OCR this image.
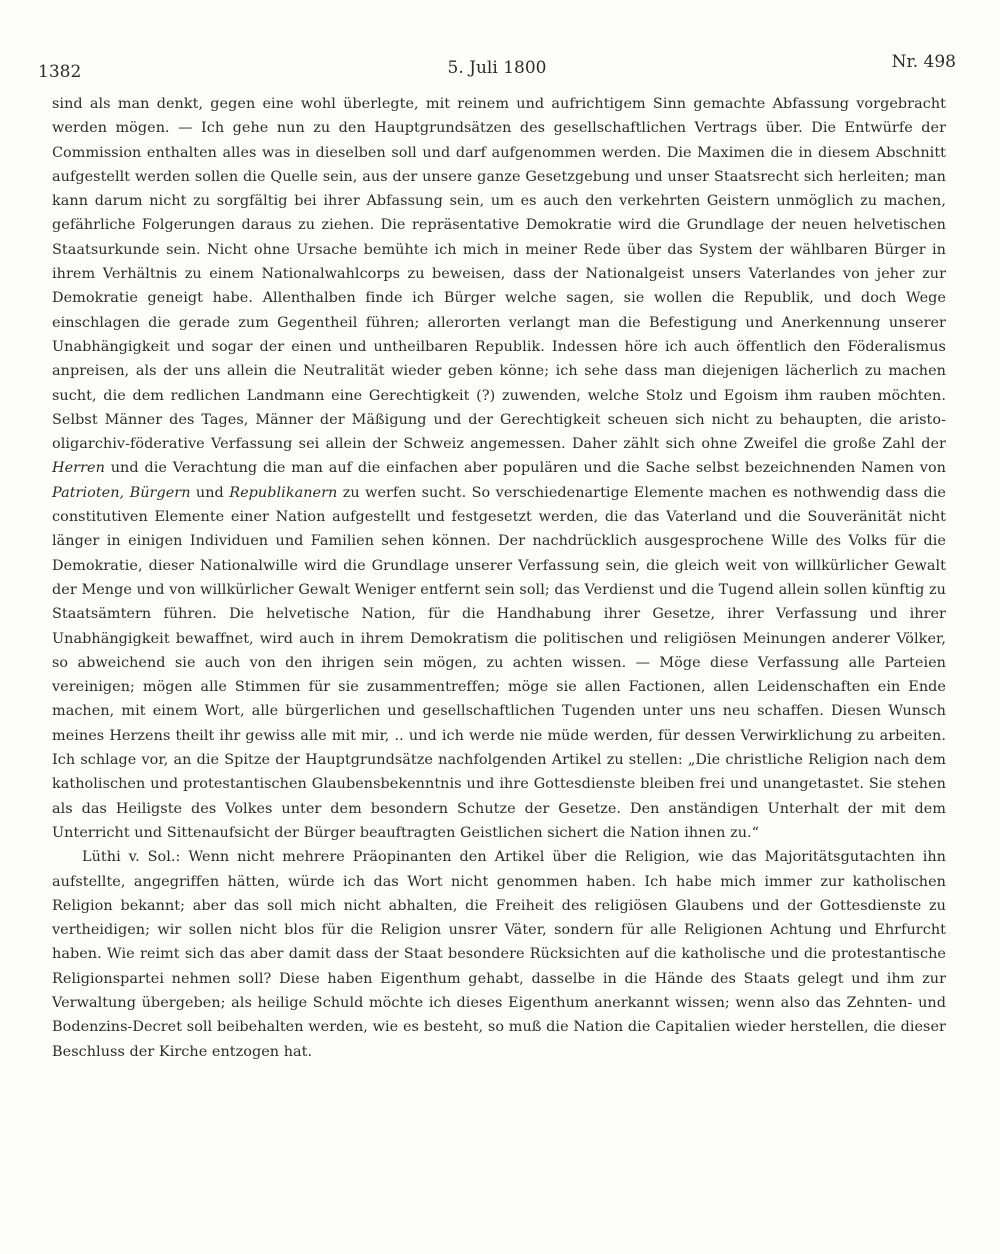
1382	5. Juli 1800	Nr. 498

sind als man denkt, gegen eine wohl überlegte, mit reinem und aufrichtigem Sinn gemachte Abfassung vorgebracht werden mögen. — Ich gehe nun zu den Hauptgrundsätzen des gesellschaftlichen Vertrags über. Die Entwürfe der Commission enthalten alles was in dieselben soll und darf aufgenommen werden. Die Maximen die in diesem Abschnitt aufgestellt werden sollen die Quelle sein, aus der unsere ganze Gesetzgebung und unser Staatsrecht sich herleiten; man kann darum nicht zu sorgfältig bei ihrer Abfassung sein, um es auch den verkehrten Geistern unmöglich zu machen, gefährliche Folgerungen daraus zu ziehen. Die repräsentative Demokratie wird die Grundlage der neuen helvetischen Staatsurkunde sein. Nicht ohne Ursache bemühte ich mich in meiner Rede über das System der wählbaren Bürger in ihrem Verhältnis zu einem Nationalwahlcorps zu beweisen, dass der Nationalgeist unsers Vaterlandes von jeher zur Demokratie geneigt habe. Allenthalben finde ich Bürger welche sagen, sie wollen die Republik, und doch Wege einschlagen die gerade zum Gegentheil führen; allerorten verlangt man die Befestigung und Anerkennung unserer Unabhängigkeit und sogar der einen und untheilbaren Republik. Indessen höre ich auch öffentlich den Föderalismus anpreisen, als der uns allein die Neutralität wieder geben könne; ich sehe dass man diejenigen lächerlich zu machen sucht, die dem redlichen Landmann eine Gerechtigkeit (?) zuwenden, welche Stolz und Egoism ihm rauben möchten. Selbst Männer des Tages, Männer der Mäßigung und der Gerechtigkeit scheuen sich nicht zu behaupten, die aristo-oligarchiv-föderative Verfassung sei allein der Schweiz angemessen. Daher zählt sich ohne Zweifel die große Zahl der Herren und die Verachtung die man auf die einfachen aber populären und die Sache selbst bezeichnenden Namen von Patrioten, Bürgern und Republikanern zu werfen sucht. So verschiedenartige Elemente machen es nothwendig dass die constitutiven Elemente einer Nation aufgestellt und festgesetzt werden, die das Vaterland und die Souveränität nicht länger in einigen Individuen und Familien sehen können. Der nachdrücklich ausgesprochene Wille des Volks für die Demokratie, dieser Nationalwille wird die Grundlage unserer Verfassung sein, die gleich weit von willkürlicher Gewalt der Menge und von willkürlicher Gewalt Weniger entfernt sein soll; das Verdienst und die Tugend allein sollen künftig zu Staatsämtern führen. Die helvetische Nation, für die Handhabung ihrer Gesetze, ihrer Verfassung und ihrer Unabhängigkeit bewaffnet, wird auch in ihrem Demokratism die politischen und religiösen Meinungen anderer Völker, so abweichend sie auch von den ihrigen sein mögen, zu achten wissen. — Möge diese Verfassung alle Parteien vereinigen; mögen alle Stimmen für sie zusammentreffen; möge sie allen Factionen, allen Leidenschaften ein Ende machen, mit einem Wort, alle bürgerlichen und gesellschaftlichen Tugenden unter uns neu schaffen. Diesen Wunsch meines Herzens theilt ihr gewiss alle mit mir, .. und ich werde nie müde werden, für dessen Verwirklichung zu arbeiten. Ich schlage vor, an die Spitze der Hauptgrundsätze nachfolgenden Artikel zu stellen: „Die christliche Religion nach dem katholischen und protestantischen Glaubensbekenntnis und ihre Gottesdienste bleiben frei und unangetastet. Sie stehen als das Heiligste des Volkes unter dem besondern Schutze der Gesetze. Den anständigen Unterhalt der mit dem Unterricht und Sittenaufsicht der Bürger beauftragten Geistlichen sichert die Nation ihnen zu.“

Lüthi v. Sol.: Wenn nicht mehrere Präopinanten den Artikel über die Religion, wie das Majoritätsgutachten ihn aufstellte, angegriffen hätten, würde ich das Wort nicht genommen haben. Ich habe mich immer zur katholischen Religion bekannt; aber das soll mich nicht abhalten, die Freiheit des religiösen Glaubens und der Gottesdienste zu vertheidigen; wir sollen nicht blos für die Religion unsrer Väter, sondern für alle Religionen Achtung und Ehrfurcht haben. Wie reimt sich das aber damit dass der Staat besondere Rücksichten auf die katholische und die protestantische Religionspartei nehmen soll? Diese haben Eigenthum gehabt, dasselbe in die Hände des Staats gelegt und ihm zur Verwaltung übergeben; als heilige Schuld möchte ich dieses Eigenthum anerkannt wissen; wenn also das Zehnten- und Bodenzins-Decret soll beibehalten werden, wie es besteht, so muß die Nation die Capitalien wieder herstellen, die dieser Beschluss der Kirche entzogen hat.
